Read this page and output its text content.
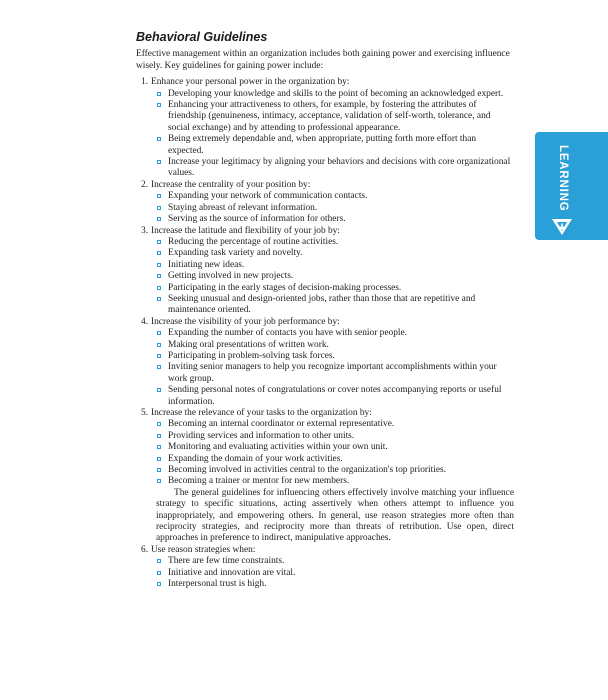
Behavioral Guidelines

Effective management within an organization includes both gaining power and exercising influence wisely. Key guidelines for gaining power include:

1. Enhance your personal power in the organization by:
Developing your knowledge and skills to the point of becoming an acknowledged expert.
Enhancing your attractiveness to others, for example, by fostering the attributes of friendship (genuineness, intimacy, acceptance, validation of self-worth, tolerance, and social exchange) and by attending to professional appearance.
Being extremely dependable and, when appropriate, putting forth more effort than expected.
Increase your legitimacy by aligning your behaviors and decisions with core organizational values.
2. Increase the centrality of your position by:
Expanding your network of communication contacts.
Staying abreast of relevant information.
Serving as the source of information for others.
3. Increase the latitude and flexibility of your job by:
Reducing the percentage of routine activities.
Expanding task variety and novelty.
Initiating new ideas.
Getting involved in new projects.
Participating in the early stages of decision-making processes.
Seeking unusual and design-oriented jobs, rather than those that are repetitive and maintenance oriented.
4. Increase the visibility of your job performance by:
Expanding the number of contacts you have with senior people.
Making oral presentations of written work.
Participating in problem-solving task forces.
Inviting senior managers to help you recognize important accomplishments within your work group.
Sending personal notes of congratulations or cover notes accompanying reports or useful information.
5. Increase the relevance of your tasks to the organization by:
Becoming an internal coordinator or external representative.
Providing services and information to other units.
Monitoring and evaluating activities within your own unit.
Expanding the domain of your work activities.
Becoming involved in activities central to the organization's top priorities.
Becoming a trainer or mentor for new members.

The general guidelines for influencing others effectively involve matching your influence strategy to specific situations, acting assertively when others attempt to influence you inappropriately, and empowering others. In general, use reason strategies more often than reciprocity strategies, and reciprocity more than threats of retribution. Use open, direct approaches in preference to indirect, manipulative approaches.

6. Use reason strategies when:
There are few time constraints.
Initiative and innovation are vital.
Interpersonal trust is high.
LEARNING
